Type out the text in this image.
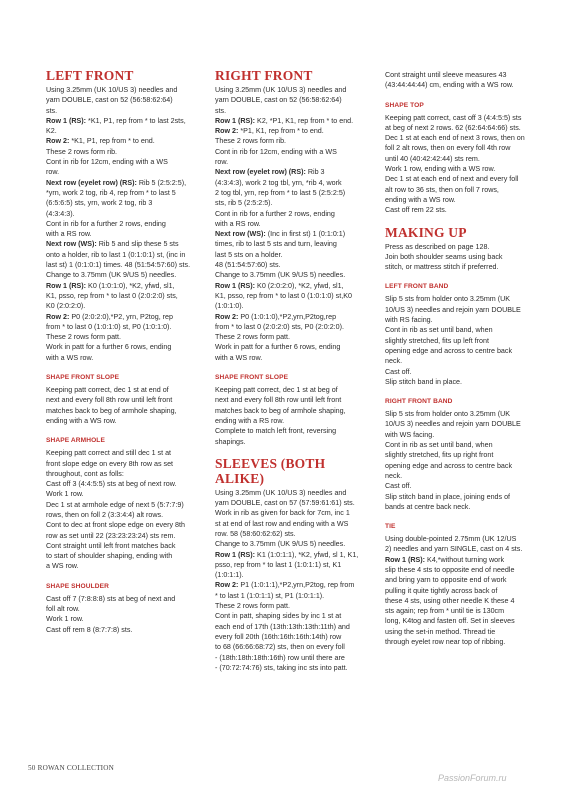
LEFT FRONT
Using 3.25mm (UK 10/US 3) needles and
yarn DOUBLE, cast on 52 (56:58:62:64)
sts.
Row 1 (RS): *K1, P1, rep from * to last 2sts,
K2.
Row 2: *K1, P1, rep from * to end.
These 2 rows form rib.
Cont in rib for 12cm, ending with a WS
row.
Next row (eyelet row) (RS): Rib 5 (2:5:2:5),
*yrn, work 2 tog, rib 4, rep from * to last 5
(6:5:6:5) sts, yrn, work 2 tog, rib 3
(4:3:4:3).
Cont in rib for a further 2 rows, ending
with a RS row.
Next row (WS): Rib 5 and slip these 5 sts
onto a holder, rib to last 1 (0:1:0:1) st, (inc in
last st) 1 (0:1:0:1) times. 48 (51:54:57:60) sts.
Change to 3.75mm (UK 9/US 5) needles.
Row 1 (RS): K0 (1:0:1:0), *K2, yfwd, sl1,
K1, psso, rep from * to last 0 (2:0:2:0) sts,
K0 (2:0:2:0).
Row 2: P0 (2:0:2:0),*P2, yrn, P2tog, rep
from * to last 0 (1:0:1:0) st, P0 (1:0:1:0).
These 2 rows form patt.
Work in patt for a further 6 rows, ending
with a WS row.
SHAPE FRONT SLOPE
Keeping patt correct, dec 1 st at end of
next and every foll 8th row until left front
matches back to beg of armhole shaping,
ending with a WS row.
SHAPE ARMHOLE
Keeping patt correct and still dec 1 st at
front slope edge on every 8th row as set
throughout, cont as folls:
Cast off 3 (4:4:5:5) sts at beg of next row.
Work 1 row.
Dec 1 st at armhole edge of next 5 (5:7:7:9)
rows, then on foll 2 (3:3:4:4) alt rows.
Cont to dec at front slope edge on every 8th
row as set until 22 (23:23:23:24) sts rem.
Cont straight until left front matches back
to start of shoulder shaping, ending with
a WS row.
SHAPE SHOULDER
Cast off 7 (7:8:8:8) sts at beg of next and
foll alt row.
Work 1 row.
Cast off rem 8 (8:7:7:8) sts.
RIGHT FRONT
Using 3.25mm (UK 10/US 3) needles and
yarn DOUBLE, cast on 52 (56:58:62:64)
sts.
Row 1 (RS): K2, *P1, K1, rep from * to end.
Row 2: *P1, K1, rep from * to end.
These 2 rows form rib.
Cont in rib for 12cm, ending with a WS
row.
Next row (eyelet row) (RS): Rib 3
(4:3:4:3), work 2 tog tbl, yrn, *rib 4, work
2 tog tbl, yrn, rep from * to last 5 (2:5:2:5)
sts, rib 5 (2:5:2:5).
Cont in rib for a further 2 rows, ending
with a RS row.
Next row (WS): (Inc in first st) 1 (0:1:0:1)
times, rib to last 5 sts and turn, leaving
last 5 sts on a holder.
48 (51:54:57:60) sts.
Change to 3.75mm (UK 9/US 5) needles.
Row 1 (RS): K0 (2:0:2:0), *K2, yfwd, sl1,
K1, psso, rep from * to last 0 (1:0:1:0) st,K0
(1:0:1:0).
Row 2: P0 (1:0:1:0),*P2,yrn,P2tog,rep
from * to last 0 (2:0:2:0) sts, P0 (2:0:2:0).
These 2 rows form patt.
Work in patt for a further 6 rows, ending
with a WS row.
SHAPE FRONT SLOPE
Keeping patt correct, dec 1 st at beg of
next and every foll 8th row until left front
matches back to beg of armhole shaping,
ending with a RS row.
Complete to match left front, reversing
shapings.
SLEEVES (BOTH ALIKE)
Using 3.25mm (UK 10/US 3) needles and
yarn DOUBLE, cast on 57 (57:59:61:61) sts.
Work in rib as given for back for 7cm, inc 1
st at end of last row and ending with a WS
row. 58 (58:60:62:62) sts.
Change to 3.75mm (UK 9/US 5) needles.
Row 1 (RS): K1 (1:0:1:1), *K2, yfwd, sl 1, K1,
psso, rep from * to last 1 (1:0:1:1) st, K1
(1:0:1:1).
Row 2: P1 (1:0:1:1),*P2,yrn,P2tog, rep from
* to last 1 (1:0:1:1) st, P1 (1:0:1:1).
These 2 rows form patt.
Cont in patt, shaping sides by inc 1 st at
each end of 17th (13th:13th:13th:11th) and
every foll 20th (16th:16th:16th:14th) row
to 68 (66:66:68:72) sts, then on every foll
- (18th:18th:18th:16th) row until there are
- (70:72:74:76) sts, taking inc sts into patt.
Cont straight until sleeve measures 43
(43:44:44:44) cm, ending with a WS row.
SHAPE TOP
Keeping patt correct, cast off 3 (4:4:5:5) sts
at beg of next 2 rows. 62 (62:64:64:66) sts.
Dec 1 st at each end of next 3 rows, then on
foll 2 alt rows, then on every foll 4th row
until 40 (40:42:42:44) sts rem.
Work 1 row, ending with a WS row.
Dec 1 st at each end of next and every foll
alt row to 36 sts, then on foll 7 rows,
ending with a WS row.
Cast off rem 22 sts.
MAKING UP
Press as described on page 128.
Join both shoulder seams using back
stitch, or mattress stitch if preferred.
LEFT FRONT BAND
Slip 5 sts from holder onto 3.25mm (UK
10/US 3) needles and rejoin yarn DOUBLE
with RS facing.
Cont in rib as set until band, when
slightly stretched, fits up left front
opening edge and across to centre back
neck.
Cast off.
Slip stitch band in place.
RIGHT FRONT BAND
Slip 5 sts from holder onto 3.25mm (UK
10/US 3) needles and rejoin yarn DOUBLE
with WS facing.
Cont in rib as set until band, when
slightly stretched, fits up right front
opening edge and across to centre back
neck.
Cast off.
Slip stitch band in place, joining ends of
bands at centre back neck.
TIE
Using double-pointed 2.75mm (UK 12/US
2) needles and yarn SINGLE, cast on 4 sts.
Row 1 (RS): K4,*without turning work
slip these 4 sts to opposite end of needle
and bring yarn to opposite end of work
pulling it quite tightly across back of
these 4 sts, using other needle K these 4
sts again; rep from * until tie is 130cm
long, K4tog and fasten off. Set in sleeves
using the set-in method. Thread tie
through eyelet row near top of ribbing.
50 ROWAN COLLECTION
PassionForum.ru
